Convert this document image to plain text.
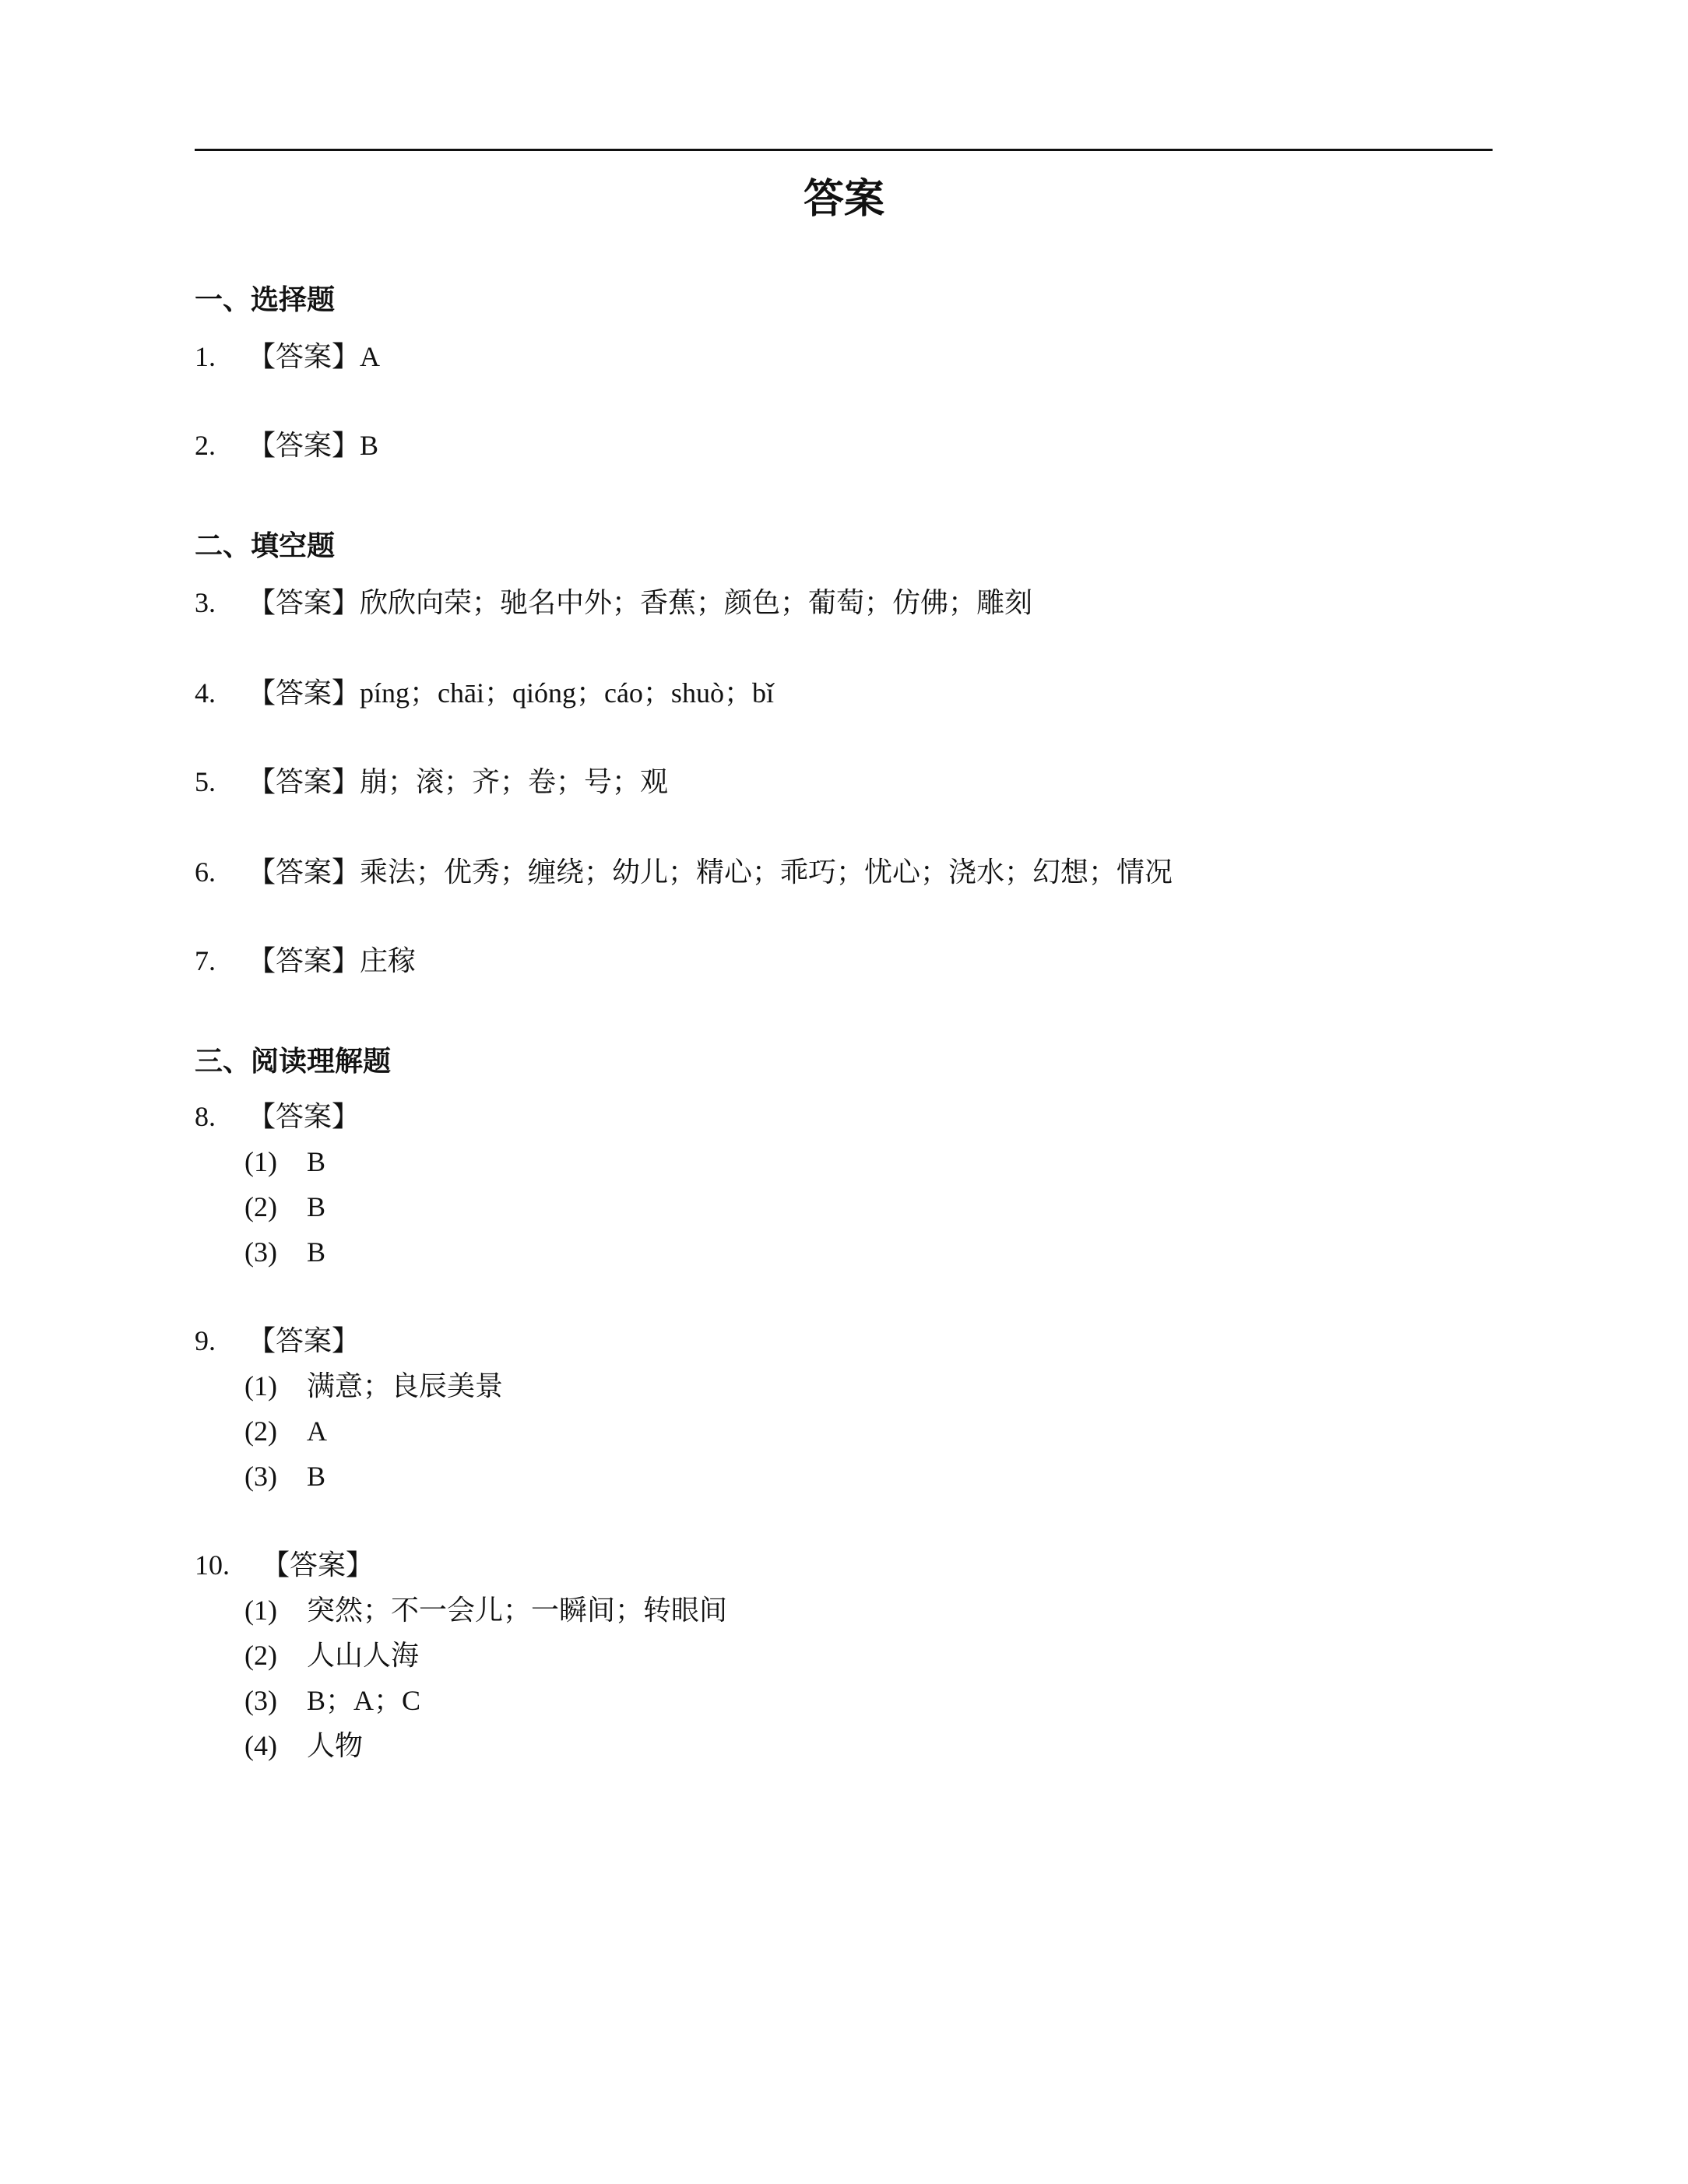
答案
一、选择题
1. 【答案】A
2. 【答案】B
二、填空题
3. 【答案】欣欣向荣；驰名中外；香蕉；颜色；葡萄；仿佛；雕刻
4. 【答案】píng；chāi；qióng；cáo；shuò；bǐ
5. 【答案】崩；滚；齐；卷；号；观
6. 【答案】乘法；优秀；缠绕；幼儿；精心；乖巧；忧心；浇水；幻想；情况
7. 【答案】庄稼
三、阅读理解题
8. 【答案】
(1) B
(2) B
(3) B
9. 【答案】
(1) 满意；良辰美景
(2) A
(3) B
10. 【答案】
(1) 突然；不一会儿；一瞬间；转眼间
(2) 人山人海
(3) B；A；C
(4) 人物
